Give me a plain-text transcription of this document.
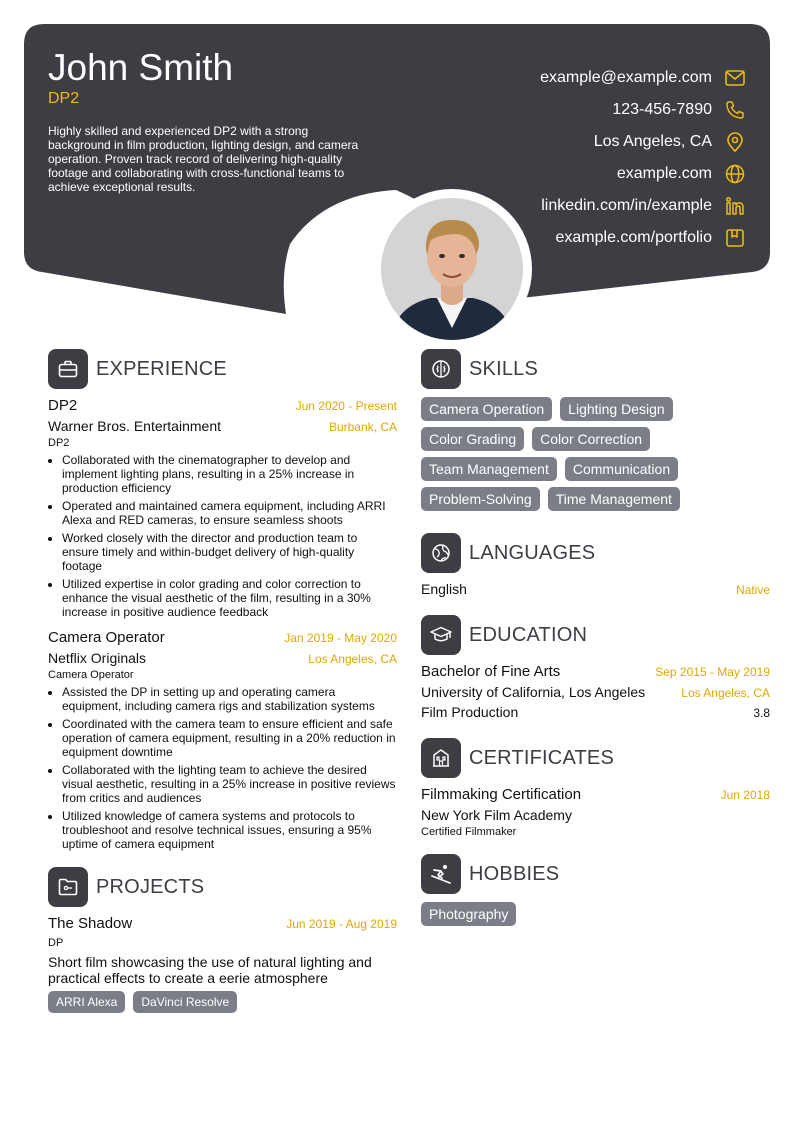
John Smith
DP2
Highly skilled and experienced DP2 with a strong background in film production, lighting design, and camera operation. Proven track record of delivering high-quality footage and collaborating with cross-functional teams to achieve exceptional results.
example@example.com
123-456-7890
Los Angeles, CA
example.com
linkedin.com/in/example
example.com/portfolio
EXPERIENCE
DP2	Jun 2020 - Present
Warner Bros. Entertainment	Burbank, CA
DP2
• Collaborated with the cinematographer to develop and implement lighting plans, resulting in a 25% increase in production efficiency
• Operated and maintained camera equipment, including ARRI Alexa and RED cameras, to ensure seamless shoots
• Worked closely with the director and production team to ensure timely and within-budget delivery of high-quality footage
• Utilized expertise in color grading and color correction to enhance the visual aesthetic of the film, resulting in a 30% increase in positive audience feedback
Camera Operator	Jan 2019 - May 2020
Netflix Originals	Los Angeles, CA
Camera Operator
• Assisted the DP in setting up and operating camera equipment, including camera rigs and stabilization systems
• Coordinated with the camera team to ensure efficient and safe operation of camera equipment, resulting in a 20% reduction in equipment downtime
• Collaborated with the lighting team to achieve the desired visual aesthetic, resulting in a 25% increase in positive reviews from critics and audiences
• Utilized knowledge of camera systems and protocols to troubleshoot and resolve technical issues, ensuring a 95% uptime of camera equipment
PROJECTS
The Shadow	Jun 2019 - Aug 2019
DP
Short film showcasing the use of natural lighting and practical effects to create a eerie atmosphere
ARRI Alexa	DaVinci Resolve
SKILLS
Camera Operation	Lighting Design
Color Grading	Color Correction
Team Management	Communication
Problem-Solving	Time Management
LANGUAGES
English	Native
EDUCATION
Bachelor of Fine Arts	Sep 2015 - May 2019
University of California, Los Angeles	Los Angeles, CA
Film Production	3.8
CERTIFICATES
Filmmaking Certification	Jun 2018
New York Film Academy
Certified Filmmaker
HOBBIES
Photography
